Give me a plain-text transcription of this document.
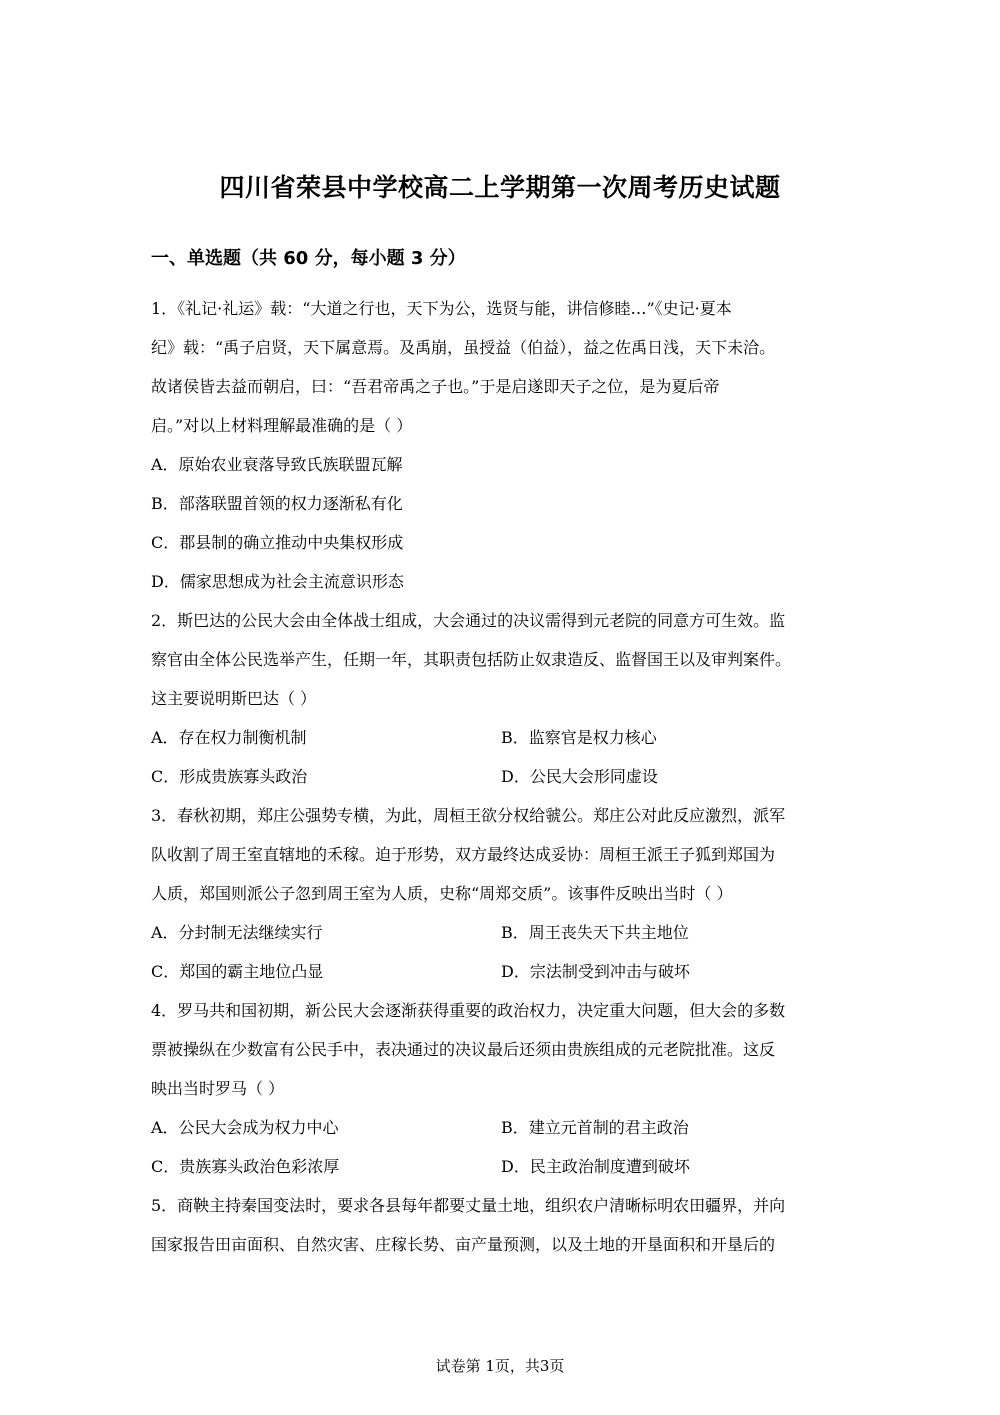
四川省荣县中学校高二上学期第一次周考历史试题
一、单选题（共 60 分，每小题 3 分）
1．《礼记·礼运》载：“大道之行也，天下为公，选贤与能，讲信修睦…”《史记·夏本
纪》载：“禹子启贤，天下属意焉。及禹崩，虽授益（伯益），益之佐禹日浅，天下未洽。
故诸侯皆去益而朝启，曰：“吾君帝禹之子也。”于是启遂即天子之位，是为夏后帝
启。”对以上材料理解最准确的是（ ）
A．原始农业衰落导致氏族联盟瓦解
B．部落联盟首领的权力逐渐私有化
C．郡县制的确立推动中央集权形成
D．儒家思想成为社会主流意识形态
2．斯巴达的公民大会由全体战士组成，大会通过的决议需得到元老院的同意方可生效。监
察官由全体公民选举产生，任期一年，其职责包括防止奴隶造反、监督国王以及审判案件。
这主要说明斯巴达（ ）
A．存在权力制衡机制	B．监察官是权力核心
C．形成贵族寡头政治	D．公民大会形同虚设
3．春秋初期，郑庄公强势专横，为此，周桓王欲分权给虢公。郑庄公对此反应激烈，派军
队收割了周王室直辖地的禾稼。迫于形势，双方最终达成妥协：周桓王派王子狐到郑国为
人质，郑国则派公子忽到周王室为人质，史称“周郑交质”。该事件反映出当时（ ）
A．分封制无法继续实行	B．周王丧失天下共主地位
C．郑国的霸主地位凸显	D．宗法制受到冲击与破坏
4．罗马共和国初期，新公民大会逐渐获得重要的政治权力，决定重大问题，但大会的多数
票被操纵在少数富有公民手中，表决通过的决议最后还须由贵族组成的元老院批准。这反
映出当时罗马（ ）
A．公民大会成为权力中心	B．建立元首制的君主政治
C．贵族寡头政治色彩浓厚	D．民主政治制度遭到破坏
5．商鞅主持秦国变法时，要求各县每年都要丈量土地，组织农户清晰标明农田疆界，并向
国家报告田亩面积、自然灾害、庄稼长势、亩产量预测，以及土地的开垦面积和开垦后的
试卷第 1页，共3页
